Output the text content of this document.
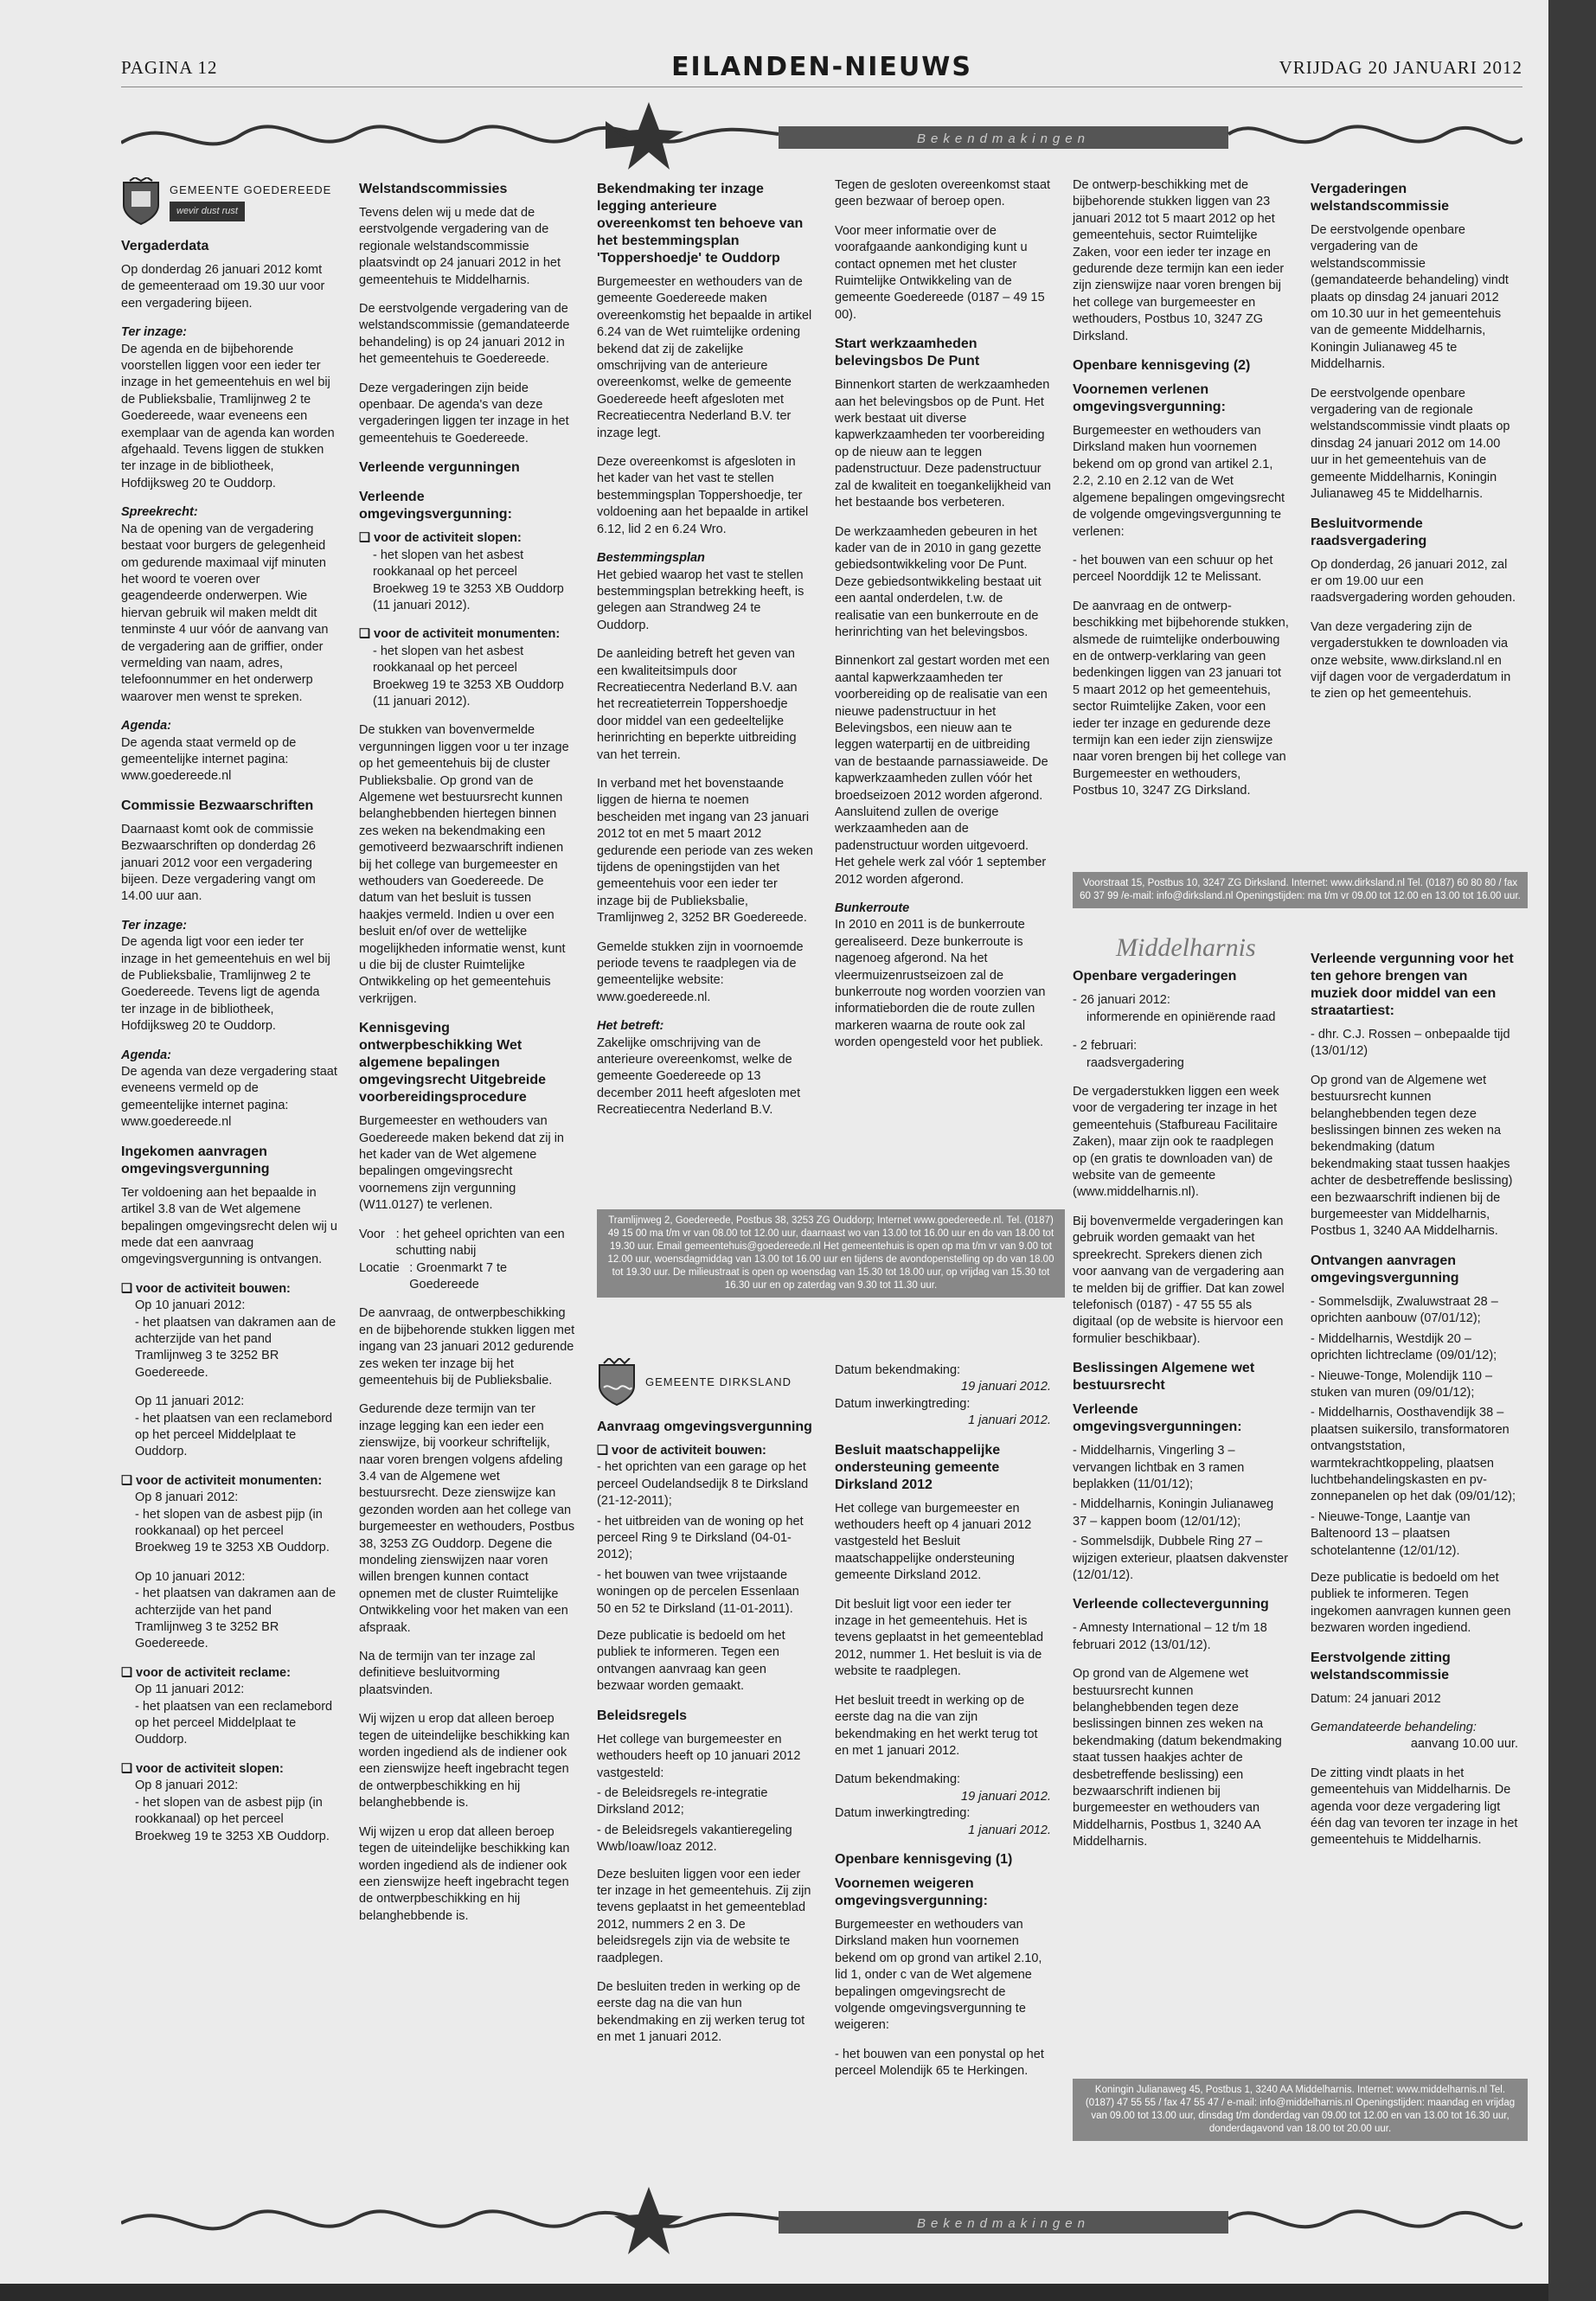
PAGINA 12	EILANDEN-NIEUWS	VRIJDAG 20 JANUARI 2012
Bekendmakingen
GEMEENTE GOEDEREEDE
wevir dust rust
Vergaderdata

Op donderdag 26 januari 2012 komt de gemeenteraad om 19.30 uur voor een vergadering bijeen.

Ter inzage:
De agenda en de bijbehorende voorstellen liggen voor een ieder ter inzage in het gemeentehuis en wel bij de Publieksbalie, Tramlijnweg 2 te Goedereede, waar eveneens een exemplaar van de agenda kan worden afgehaald. Tevens liggen de stukken ter inzage in de bibliotheek, Hofdijksweg 20 te Ouddorp.

Spreekrecht:
Na de opening van de vergadering bestaat voor burgers de gelegenheid om gedurende maximaal vijf minuten het woord te voeren over geagendeerde onderwerpen. Wie hiervan gebruik wil maken meldt dit tenminste 4 uur vóór de aanvang van de vergadering aan de griffier, onder vermelding van naam, adres, telefoonnummer en het onderwerp waarover men wenst te spreken.

Agenda:
De agenda staat vermeld op de gemeentelijke internet pagina: www.goedereede.nl

Commissie Bezwaarschriften

Daarnaast komt ook de commissie Bezwaarschriften op donderdag 26 januari 2012 voor een vergadering bijeen. Deze vergadering vangt om 14.00 uur aan.

Ter inzage:
De agenda ligt voor een ieder ter inzage in het gemeentehuis en wel bij de Publieksbalie, Tramlijnweg 2 te Goedereede. Tevens ligt de agenda ter inzage in de bibliotheek, Hofdijksweg 20 te Ouddorp.

Agenda:
De agenda van deze vergadering staat eveneens vermeld op de gemeentelijke internet pagina: www.goedereede.nl

Ingekomen aanvragen omgevingsvergunning

Ter voldoening aan het bepaalde in artikel 3.8 van de Wet algemene bepalingen omgevingsrecht delen wij u mede dat een aanvraag omgevingsvergunning is ontvangen.

❑ voor de activiteit bouwen:
Op 10 januari 2012:

- het plaatsen van dakramen aan de achterzijde van het pand Tramlijnweg 3 te 3252 BR Goedereede.

Op 11 januari 2012:

- het plaatsen van een reclamebord op het perceel Middelplaat te Ouddorp.

❑ voor de activiteit monumenten:
Op 8 januari 2012:

- het slopen van de asbest pijp (in rookkanaal) op het perceel Broekweg 19 te 3253 XB Ouddorp.

Op 10 januari 2012:

- het plaatsen van dakramen aan de achterzijde van het pand Tramlijnweg 3 te 3252 BR Goedereede.

❑ voor de activiteit reclame:
Op 11 januari 2012:

- het plaatsen van een reclamebord op het perceel Middelplaat te Ouddorp.

❑ voor de activiteit slopen:
Op 8 januari 2012:

- het slopen van de asbest pijp (in rookkanaal) op het perceel Broekweg 19 te 3253 XB Ouddorp.

Welstandscommissies

Tevens delen wij u mede dat de eerstvolgende vergadering van de regionale welstandscommissie plaatsvindt op 24 januari 2012 in het gemeentehuis te Middelharnis.

De eerstvolgende vergadering van de welstandscommissie (gemandateerde behandeling) is op 24 januari 2012 in het gemeentehuis te Goedereede.

Deze vergaderingen zijn beide openbaar. De agenda's van deze vergaderingen liggen ter inzage in het gemeentehuis te Goedereede.

Verleende vergunningen
Verleende omgevingsvergunning:
❑ voor de activiteit slopen:

- het slopen van het asbest rookkanaal op het perceel Broekweg 19 te 3253 XB Ouddorp (11 januari 2012).

❑ voor de activiteit monumenten:

- het slopen van het asbest rookkanaal op het perceel Broekweg 19 te 3253 XB Ouddorp (11 januari 2012).

De stukken van bovenvermelde vergunningen liggen voor u ter inzage op het gemeentehuis bij de cluster Publieksbalie. Op grond van de Algemene wet bestuursrecht kunnen belanghebbenden hiertegen binnen zes weken na bekendmaking een gemotiveerd bezwaarschrift indienen bij het college van burgemeester en wethouders van Goedereede. De datum van het besluit is tussen haakjes vermeld. Indien u over een besluit en/of over de wettelijke mogelijkheden informatie wenst, kunt u die bij de cluster Ruimtelijke Ontwikkeling op het gemeentehuis verkrijgen.

Kennisgeving ontwerpbeschikking Wet algemene bepalingen omgevingsrecht Uitgebreide voorbereidingsprocedure

Burgemeester en wethouders van Goedereede maken bekend dat zij in het kader van de Wet algemene bepalingen omgevingsrecht voornemens zijn vergunning (W11.0127) te verlenen.

Voor : het geheel oprichten van een schutting nabij
Locatie : Groenmarkt 7 te Goedereede

De aanvraag, de ontwerpbeschikking en de bijbehorende stukken liggen met ingang van 23 januari 2012 gedurende zes weken ter inzage bij het gemeentehuis bij de Publieksbalie.

Gedurende deze termijn van ter inzage legging kan een ieder een zienswijze, bij voorkeur schriftelijk, naar voren brengen volgens afdeling 3.4 van de Algemene wet bestuursrecht. Deze zienswijze kan gezonden worden aan het college van burgemeester en wethouders, Postbus 38, 3253 ZG Ouddorp. Degene die mondeling zienswijzen naar voren willen brengen kunnen contact opnemen met de cluster Ruimtelijke Ontwikkeling voor het maken van een afspraak.

Na de termijn van ter inzage zal definitieve besluitvorming plaatsvinden.

Wij wijzen u erop dat alleen beroep tegen de uiteindelijke beschikking kan worden ingediend als de indiener ook een zienswijze heeft ingebracht tegen de ontwerpbeschikking en hij belanghebbende is.

Wij wijzen u erop dat alleen beroep tegen de uiteindelijke beschikking kan worden ingediend als de indiener ook een zienswijze heeft ingebracht tegen de ontwerpbeschikking en hij belanghebbende is.

Bekendmaking ter inzage legging anterieure overeenkomst ten behoeve van het bestemmingsplan 'Toppershoedje' te Ouddorp

Burgemeester en wethouders van de gemeente Goedereede maken overeenkomstig het bepaalde in artikel 6.24 van de Wet ruimtelijke ordening bekend dat zij de zakelijke omschrijving van de anterieure overeenkomst, welke de gemeente Goedereede heeft afgesloten met Recreatiecentra Nederland B.V. ter inzage legt.

Deze overeenkomst is afgesloten in het kader van het vast te stellen bestemmingsplan Toppershoedje, ter voldoening aan het bepaalde in artikel 6.12, lid 2 en 6.24 Wro.

Bestemmingsplan

Het gebied waarop het vast te stellen bestemmingsplan betrekking heeft, is gelegen aan Strandweg 24 te Ouddorp.

De aanleiding betreft het geven van een kwaliteitsimpuls door Recreatiecentra Nederland B.V. aan het recreatieterrein Toppershoedje door middel van een gedeeltelijke herinrichting en beperkte uitbreiding van het terrein.

In verband met het bovenstaande liggen de hierna te noemen bescheiden met ingang van 23 januari 2012 tot en met 5 maart 2012 gedurende een periode van zes weken tijdens de openingstijden van het gemeentehuis voor een ieder ter inzage bij de Publieksbalie, Tramlijnweg 2, 3252 BR Goedereede.

Gemelde stukken zijn in voornoemde periode tevens te raadplegen via de gemeentelijke website: www.goedereede.nl.

Het betreft:

Zakelijke omschrijving van de anterieure overeenkomst, welke de gemeente Goedereede op 13 december 2011 heeft afgesloten met Recreatiecentra Nederland B.V.

Tegen de gesloten overeenkomst staat geen bezwaar of beroep open.

Voor meer informatie over de voorafgaande aankondiging kunt u contact opnemen met het cluster Ruimtelijke Ontwikkeling van de gemeente Goedereede (0187 – 49 15 00).

Start werkzaamheden belevingsbos De Punt

Binnenkort starten de werkzaamheden aan het belevingsbos op de Punt. Het werk bestaat uit diverse kapwerkzaamheden ter voorbereiding op de nieuw aan te leggen padenstructuur. Deze padenstructuur zal de kwaliteit en toegankelijkheid van het bestaande bos verbeteren.

De werkzaamheden gebeuren in het kader van de in 2010 in gang gezette gebiedsontwikkeling voor De Punt. Deze gebiedsontwikkeling bestaat uit een aantal onderdelen, t.w. de realisatie van een bunkerroute en de herinrichting van het belevingsbos.

Binnenkort zal gestart worden met een aantal kapwerkzaamheden ter voorbereiding op de realisatie van een nieuwe padenstructuur in het Belevingsbos, een nieuw aan te leggen waterpartij en de uitbreiding van de bestaande parnassiaweide. De kapwerkzaamheden zullen vóór het broedseizoen 2012 worden afgerond. Aansluitend zullen de overige werkzaamheden aan de padenstructuur worden uitgevoerd. Het gehele werk zal vóór 1 september 2012 worden afgerond.

Bunkerroute

In 2010 en 2011 is de bunkerroute gerealiseerd. Deze bunkerroute is nagenoeg afgerond. Na het vleermuizenrustseizoen zal de bunkerroute nog worden voorzien van informatieborden die de route zullen markeren waarna de route ook zal worden opengesteld voor het publiek.

Tramlijnweg 2, Goedereede, Postbus 38, 3253 ZG Ouddorp; Internet www.goedereede.nl. Tel. (0187) 49 15 00 ma t/m vr van 08.00 tot 12.00 uur, daarnaast wo van 13.00 tot 16.00 uur en do van 18.00 tot 19.30 uur. Email gemeentehuis@goedereede.nl Het gemeentehuis is open op ma t/m vr van 9.00 tot 12.00 uur, woensdagmiddag van 13.00 tot 16.00 uur en tijdens de avondopenstelling op do van 18.00 tot 19.30 uur. De milieustraat is open op woensdag van 15.30 tot 18.00 uur, op vrijdag van 15.30 tot 16.30 uur en op zaterdag van 9.30 tot 11.30 uur.
GEMEENTE DIRKSLAND
Aanvraag omgevingsvergunning
❑ voor de activiteit bouwen:
- het oprichten van een garage op het perceel Oudelandsedijk 8 te Dirksland (21-12-2011);
- het uitbreiden van de woning op het perceel Ring 9 te Dirksland (04-01-2012);
- het bouwen van twee vrijstaande woningen op de percelen Essenlaan 50 en 52 te Dirksland (11-01-2011).

Deze publicatie is bedoeld om het publiek te informeren. Tegen een ontvangen aanvraag kan geen bezwaar worden gemaakt.

Beleidsregels

Het college van burgemeester en wethouders heeft op 10 januari 2012 vastgesteld:

- de Beleidsregels re-integratie Dirksland 2012;
- de Beleidsregels vakantieregeling Wwb/Ioaw/Ioaz 2012.

Deze besluiten liggen voor een ieder ter inzage in het gemeentehuis. Zij zijn tevens geplaatst in het gemeenteblad 2012, nummers 2 en 3. De beleidsregels zijn via de website te raadplegen.

De besluiten treden in werking op de eerste dag na die van hun bekendmaking en zij werken terug tot en met 1 januari 2012.

Datum bekendmaking:
19 januari 2012.
Datum inwerkingtreding:
1 januari 2012.
Besluit maatschappelijke ondersteuning gemeente Dirksland 2012

Het college van burgemeester en wethouders heeft op 4 januari 2012 vastgesteld het Besluit maatschappelijke ondersteuning gemeente Dirksland 2012.

Dit besluit ligt voor een ieder ter inzage in het gemeentehuis. Het is tevens geplaatst in het gemeenteblad 2012, nummer 1. Het besluit is via de website te raadplegen.

Het besluit treedt in werking op de eerste dag na die van zijn bekendmaking en het werkt terug tot en met 1 januari 2012.

Datum bekendmaking:
19 januari 2012.
Datum inwerkingtreding:
1 januari 2012.
Openbare kennisgeving (1)
Voornemen weigeren omgevingsvergunning:

Burgemeester en wethouders van Dirksland maken hun voornemen bekend om op grond van artikel 2.10, lid 1, onder c van de Wet algemene bepalingen omgevingsrecht de volgende omgevingsvergunning te weigeren:

- het bouwen van een ponystal op het perceel Molendijk 65 te Herkingen.

De ontwerp-beschikking met de bijbehorende stukken liggen van 23 januari 2012 tot 5 maart 2012 op het gemeentehuis, sector Ruimtelijke Zaken, voor een ieder ter inzage en gedurende deze termijn kan een ieder zijn zienswijze naar voren brengen bij het college van burgemeester en wethouders, Postbus 10, 3247 ZG Dirksland.

Openbare kennisgeving (2)
Voornemen verlenen omgevingsvergunning:

Burgemeester en wethouders van Dirksland maken hun voornemen bekend om op grond van artikel 2.1, 2.2, 2.10 en 2.12 van de Wet algemene bepalingen omgevingsrecht de volgende omgevingsvergunning te verlenen:

- het bouwen van een schuur op het perceel Noorddijk 12 te Melissant.

De aanvraag en de ontwerp-beschikking met bijbehorende stukken, alsmede de ruimtelijke onderbouwing en de ontwerp-verklaring van geen bedenkingen liggen van 23 januari tot 5 maart 2012 op het gemeentehuis, sector Ruimtelijke Zaken, voor een ieder ter inzage en gedurende deze termijn kan een ieder zijn zienswijze naar voren brengen bij het college van Burgemeester en wethouders, Postbus 10, 3247 ZG Dirksland.

Voorstraat 15, Postbus 10, 3247 ZG Dirksland. Internet: www.dirksland.nl Tel. (0187) 60 80 80 / fax 60 37 99 /e-mail: info@dirksland.nl Openingstijden: ma t/m vr 09.00 tot 12.00 en 13.00 tot 16.00 uur.
Middelharnis
Openbare vergaderingen
- 26 januari 2012:

informerende en opiniërende raad

- 2 februari:

raadsvergadering

De vergaderstukken liggen een week voor de vergadering ter inzage in het gemeentehuis (Stafbureau Facilitaire Zaken), maar zijn ook te raadplegen op (en gratis te downloaden van) de website van de gemeente (www.middelharnis.nl).

Bij bovenvermelde vergaderingen kan gebruik worden gemaakt van het spreekrecht. Sprekers dienen zich voor aanvang van de vergadering aan te melden bij de griffier. Dat kan zowel telefonisch (0187) - 47 55 55 als digitaal (op de website is hiervoor een formulier beschikbaar).

Beslissingen Algemene wet bestuursrecht
Verleende omgevingsvergunningen:
- Middelharnis, Vingerling 3 – vervangen lichtbak en 3 ramen beplakken (11/01/12);
- Middelharnis, Koningin Julianaweg 37 – kappen boom (12/01/12);
- Sommelsdijk, Dubbele Ring 27 – wijzigen exterieur, plaatsen dakvenster (12/01/12).
Verleende collectevergunning

- Amnesty International – 12 t/m 18 februari 2012 (13/01/12).

Op grond van de Algemene wet bestuursrecht kunnen belanghebbenden tegen deze beslissingen binnen zes weken na bekendmaking (datum bekendmaking staat tussen haakjes achter de desbetreffende beslissing) een bezwaarschrift indienen bij burgemeester en wethouders van Middelharnis, Postbus 1, 3240 AA Middelharnis.

Vergaderingen welstandscommissie

De eerstvolgende openbare vergadering van de welstandscommissie (gemandateerde behandeling) vindt plaats op dinsdag 24 januari 2012 om 10.30 uur in het gemeentehuis van de gemeente Middelharnis, Koningin Julianaweg 45 te Middelharnis.

De eerstvolgende openbare vergadering van de regionale welstandscommissie vindt plaats op dinsdag 24 januari 2012 om 14.00 uur in het gemeentehuis van de gemeente Middelharnis, Koningin Julianaweg 45 te Middelharnis.

Besluitvormende raadsvergadering

Op donderdag, 26 januari 2012, zal er om 19.00 uur een raadsvergadering worden gehouden.

Van deze vergadering zijn de vergaderstukken te downloaden via onze website, www.dirksland.nl en vijf dagen voor de vergaderdatum in te zien op het gemeentehuis.

Verleende vergunning voor het ten gehore brengen van muziek door middel van een straatartiest:

- dhr. C.J. Rossen – onbepaalde tijd (13/01/12)

Op grond van de Algemene wet bestuursrecht kunnen belanghebbenden tegen deze beslissingen binnen zes weken na bekendmaking (datum bekendmaking staat tussen haakjes achter de desbetreffende beslissing) een bezwaarschrift indienen bij de burgemeester van Middelharnis, Postbus 1, 3240 AA Middelharnis.

Ontvangen aanvragen omgevingsvergunning
- Sommelsdijk, Zwaluwstraat 28 – oprichten aanbouw (07/01/12);
- Middelharnis, Westdijk 20 – oprichten lichtreclame (09/01/12);
- Nieuwe-Tonge, Molendijk 110 – stuken van muren (09/01/12);
- Middelharnis, Oosthavendijk 38 – plaatsen suikersilo, transformatoren ontvangststation, warmtekrachtkoppeling, plaatsen luchtbehandelingskasten en pv-zonnepanelen op het dak (09/01/12);
- Nieuwe-Tonge, Laantje van Baltenoord 13 – plaatsen schotelantenne (12/01/12).

Deze publicatie is bedoeld om het publiek te informeren. Tegen ingekomen aanvragen kunnen geen bezwaren worden ingediend.

Eerstvolgende zitting welstandscommissie

Datum: 24 januari 2012

Gemandateerde behandeling:

aanvang 10.00 uur.

De zitting vindt plaats in het gemeentehuis van Middelharnis. De agenda voor deze vergadering ligt één dag van tevoren ter inzage in het gemeentehuis te Middelharnis.

Koningin Julianaweg 45, Postbus 1, 3240 AA Middelharnis. Internet: www.middelharnis.nl Tel. (0187) 47 55 55 / fax 47 55 47 / e-mail: info@middelharnis.nl Openingstijden: maandag en vrijdag van 09.00 tot 13.00 uur, dinsdag t/m donderdag van 09.00 tot 12.00 en van 13.00 tot 16.30 uur, donderdagavond van 18.00 tot 20.00 uur.
Bekendmakingen
